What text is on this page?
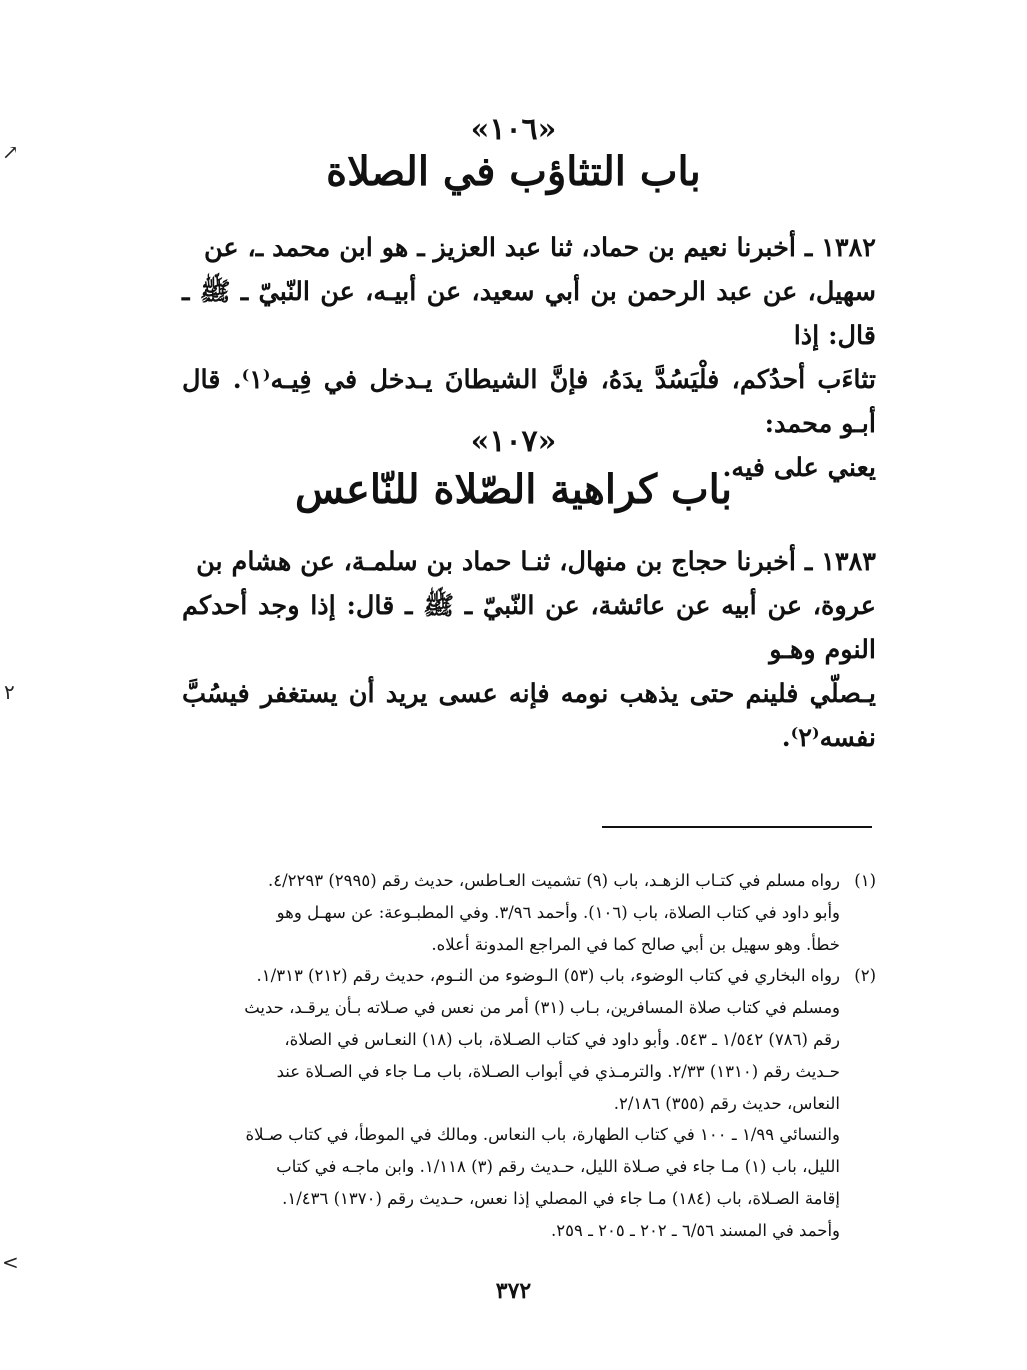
↗
٢
<
«١٠٦»
باب التثاؤب في الصلاة
١٣٨٢ ـ أخبرنا نعيم بن حماد، ثنا عبد العزيز ـ هو ابن محمد ـ، عن
سهيل، عن عبد الرحمن بن أبي سعيد، عن أبيـه، عن النّبيّ ـ ﷺ ـ قال: إذا
تثاءَب أحدُكم، فلْيَسُدَّ يدَهُ، فإنَّ الشيطانَ يـدخل في فِيـه⁽١⁾. قال أبـو محمد:
يعني على فيه.
«١٠٧»
باب كراهية الصّلاة للنّاعس
١٣٨٣ ـ أخبرنا حجاج بن منهال، ثنـا حماد بن سلمـة، عن هشام بن
عروة، عن أبيه عن عائشة، عن النّبيّ ـ ﷺ ـ قال: إذا وجد أحدكم النوم وهـو
يـصلّي فلينم حتى يذهب نومه فإنه عسى يريد أن يستغفر فيسُبَّ نفسه⁽٢⁾.
(١)
رواه مسلم في كتـاب الزهـد، باب (٩) تشميت العـاطس، حديث رقم (٢٩٩٥) ٤/٢٢٩٣.
وأبو داود في كتاب الصلاة، باب (١٠٦). وأحمد ٣/٩٦. وفي المطبـوعة: عن سهـل وهو
خطأ. وهو سهيل بن أبي صالح كما في المراجع المدونة أعلاه.
(٢)
رواه البخاري في كتاب الوضوء، باب (٥٣) الـوضوء من النـوم، حديث رقم (٢١٢) ١/٣١٣.
ومسلم في كتاب صلاة المسافرين، بـاب (٣١) أمر من نعس في صـلاته بـأن يرقـد، حديث
رقم (٧٨٦) ١/٥٤٢ ـ ٥٤٣. وأبو داود في كتاب الصـلاة، باب (١٨) النعـاس في الصلاة،
حـديث رقم (١٣١٠) ٢/٣٣. والترمـذي في أبواب الصـلاة، باب مـا جاء في الصـلاة عند
النعاس، حديث رقم (٣٥٥) ٢/١٨٦.
والنسائي ١/٩٩ ـ ١٠٠ في كتاب الطهارة، باب النعاس. ومالك في الموطأ، في كتاب صـلاة
الليل، باب (١) مـا جاء في صـلاة الليل، حـديث رقم (٣) ١/١١٨. وابن ماجـه في كتاب
إقامة الصـلاة، باب (١٨٤) مـا جاء في المصلي إذا نعس، حـديث رقم (١٣٧٠) ١/٤٣٦.
وأحمد في المسند ٦/٥٦ ـ ٢٠٢ ـ ٢٠٥ ـ ٢٥٩.
٣٧٢
